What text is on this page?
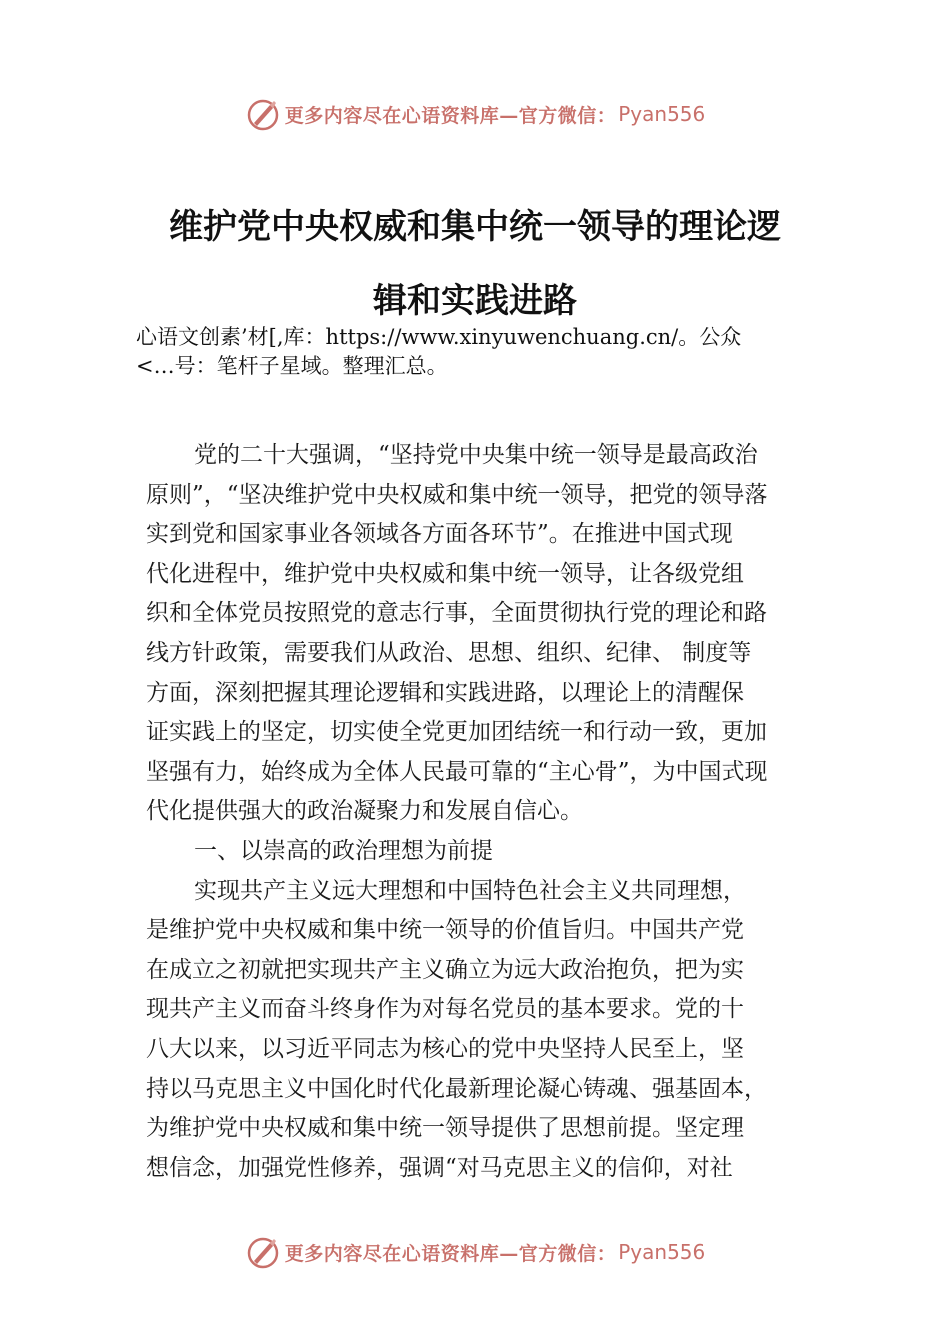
更多内容尽在心语资料库—官方微信： Pyan556
维护党中央权威和集中统一领导的理论逻
辑和实践进路
心语文创素’材[,库：https://www.xinyuwenchuang.cn/。公众
<…号：笔杆子星域。整理汇总。

党的二十大强调，“坚持党中央集中统一领导是最高政治

原则”，“坚决维护党中央权威和集中统一领导，把党的领导落

实到党和国家事业各领域各方面各环节”。在推进中国式现

代化进程中，维护党中央权威和集中统一领导，让各级党组

织和全体党员按照党的意志行事，全面贯彻执行党的理论和路

线方针政策，需要我们从政治、思想、组织、纪律、 制度等

方面，深刻把握其理论逻辑和实践进路，以理论上的清醒保

证实践上的坚定，切实使全党更加团结统一和行动一致，更加

坚强有力，始终成为全体人民最可靠的“主心骨”，为中国式现

代化提供强大的政治凝聚力和发展自信心。

一、以崇高的政治理想为前提

实现共产主义远大理想和中国特色社会主义共同理想，

是维护党中央权威和集中统一领导的价值旨归。中国共产党

在成立之初就把实现共产主义确立为远大政治抱负，把为实

现共产主义而奋斗终身作为对每名党员的基本要求。党的十

八大以来，以习近平同志为核心的党中央坚持人民至上，坚

持以马克思主义中国化时代化最新理论凝心铸魂、强基固本，

为维护党中央权威和集中统一领导提供了思想前提。坚定理

想信念，加强党性修养，强调“对马克思主义的信仰，对社

更多内容尽在心语资料库—官方微信： Pyan556
